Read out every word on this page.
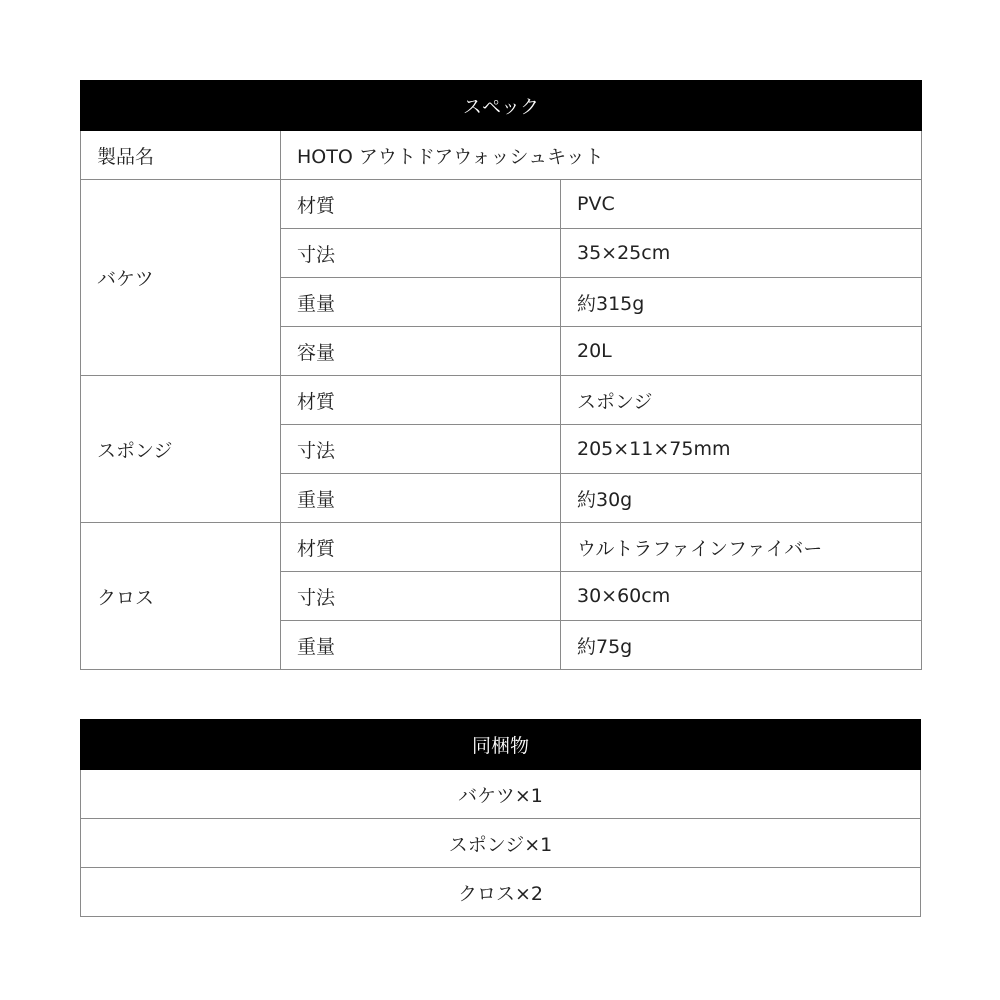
スペック		
製品名	HOTO アウトドアウォッシュキット	
バケツ	材質	PVC
	寸法	35×25cm
	重量	約315g
	容量	20L
スポンジ	材質	スポンジ
	寸法	205×11×75mm
	重量	約30g
クロス	材質	ウルトラファインファイバー
	寸法	30×60cm
	重量	約75g
同梱物
バケツ×1
スポンジ×1
クロス×2
